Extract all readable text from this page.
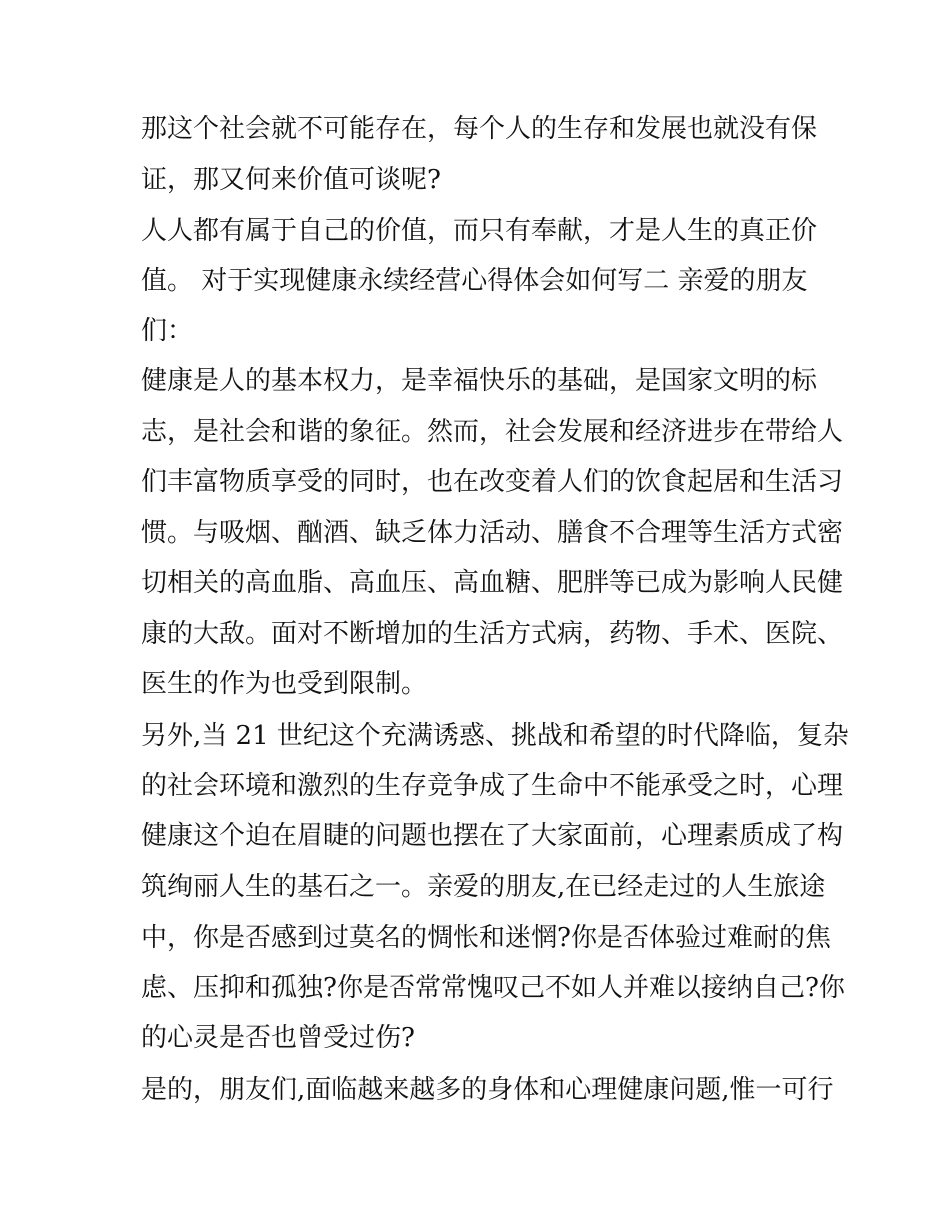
那这个社会就不可能存在，每个人的生存和发展也就没有保
证，那又何来价值可谈呢?
人人都有属于自己的价值，而只有奉献，才是人生的真正价
值。 对于实现健康永续经营心得体会如何写二 亲爱的朋友
们：
健康是人的基本权力，是幸福快乐的基础，是国家文明的标
志，是社会和谐的象征。然而，社会发展和经济进步在带给人
们丰富物质享受的同时，也在改变着人们的饮食起居和生活习
惯。与吸烟、酗酒、缺乏体力活动、膳食不合理等生活方式密
切相关的高血脂、高血压、高血糖、肥胖等已成为影响人民健
康的大敌。面对不断增加的生活方式病，药物、手术、医院、
医生的作为也受到限制。
另外,当 21 世纪这个充满诱惑、挑战和希望的时代降临，复杂
的社会环境和激烈的生存竞争成了生命中不能承受之时，心理
健康这个迫在眉睫的问题也摆在了大家面前，心理素质成了构
筑绚丽人生的基石之一。亲爱的朋友,在已经走过的人生旅途
中，你是否感到过莫名的惆怅和迷惘?你是否体验过难耐的焦
虑、压抑和孤独?你是否常常愧叹己不如人并难以接纳自己?你
的心灵是否也曾受过伤?
是的，朋友们,面临越来越多的身体和心理健康问题,惟一可行
